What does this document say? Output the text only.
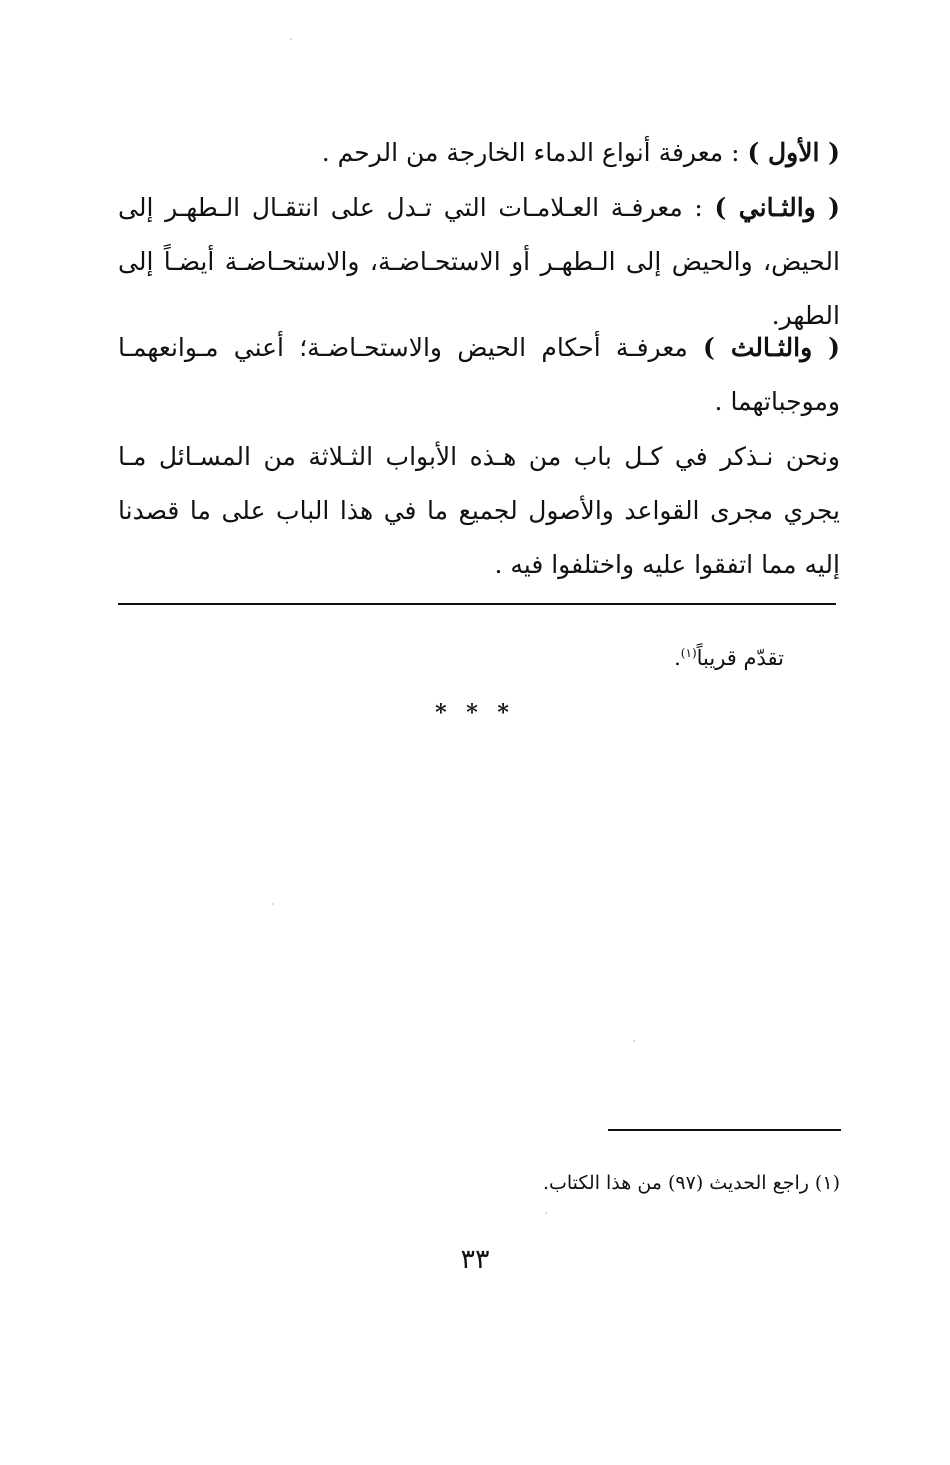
( الأول ) : معرفة أنواع الدماء الخارجة من الرحم .
( والثـاني ) : معرفـة العـلامـات التي تـدل على انتقـال الـطهـر إلى الحيض، والحيض إلى الـطهـر أو الاستحـاضـة، والاستحـاضـة أيضـاً إلى الطهر.
( والثـالث ) معرفـة أحكام الحيض والاستحـاضـة؛ أعني مـوانعهمـا وموجباتهما .
ونحن نـذكر في كـل باب من هـذه الأبواب الثـلاثة من المسـائل مـا يجري مجرى القواعد والأصول لجميع ما في هذا الباب على ما قصدنا إليه مما اتفقوا عليه واختلفوا فيه .
تقدّم قريباً$^{(١)}$.
* * *
(١) راجع الحديث (٩٧) من هذا الكتاب.
٣٣
